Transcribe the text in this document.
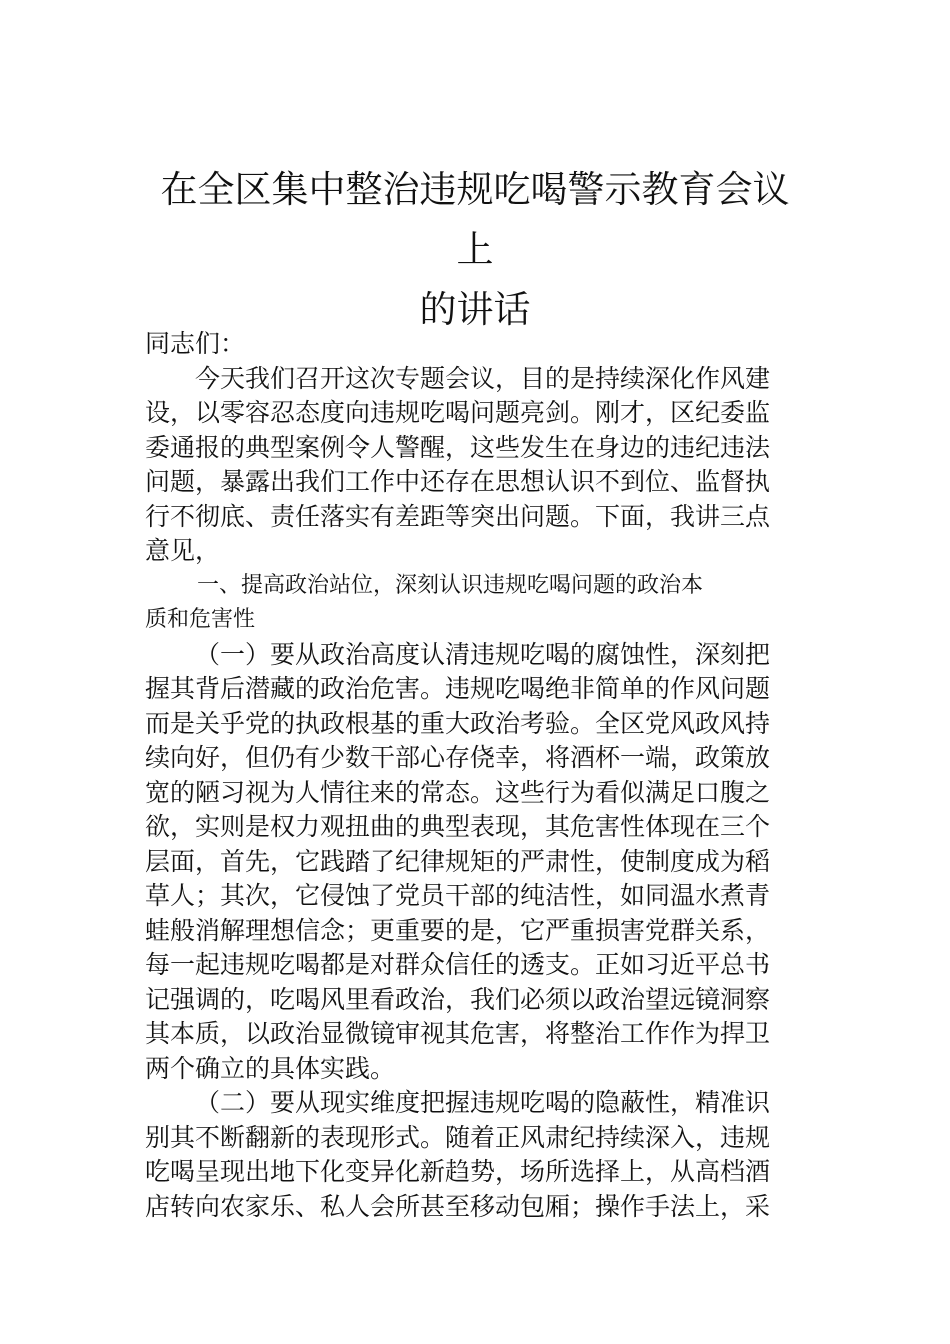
在全区集中整治违规吃喝警示教育会议上
的讲话
同志们：
今天我们召开这次专题会议，目的是持续深化作风建
设，以零容忍态度向违规吃喝问题亮剑。刚才，区纪委监
委通报的典型案例令人警醒，这些发生在身边的违纪违法
问题，暴露出我们工作中还存在思想认识不到位、监督执
行不彻底、责任落实有差距等突出问题。下面，我讲三点
意见，
一、提高政治站位，深刻认识违规吃喝问题的政治本
质和危害性
（一）要从政治高度认清违规吃喝的腐蚀性，深刻把
握其背后潜藏的政治危害。违规吃喝绝非简单的作风问题
而是关乎党的执政根基的重大政治考验。全区党风政风持
续向好，但仍有少数干部心存侥幸，将酒杯一端，政策放
宽的陋习视为人情往来的常态。这些行为看似满足口腹之
欲，实则是权力观扭曲的典型表现，其危害性体现在三个
层面，首先，它践踏了纪律规矩的严肃性，使制度成为稻
草人；其次，它侵蚀了党员干部的纯洁性，如同温水煮青
蛙般消解理想信念；更重要的是，它严重损害党群关系，
每一起违规吃喝都是对群众信任的透支。正如习近平总书
记强调的，吃喝风里看政治，我们必须以政治望远镜洞察
其本质，以政治显微镜审视其危害，将整治工作作为捍卫
两个确立的具体实践。
（二）要从现实维度把握违规吃喝的隐蔽性，精准识
别其不断翻新的表现形式。随着正风肃纪持续深入，违规
吃喝呈现出地下化变异化新趋势，场所选择上，从高档酒
店转向农家乐、私人会所甚至移动包厢；操作手法上，采
